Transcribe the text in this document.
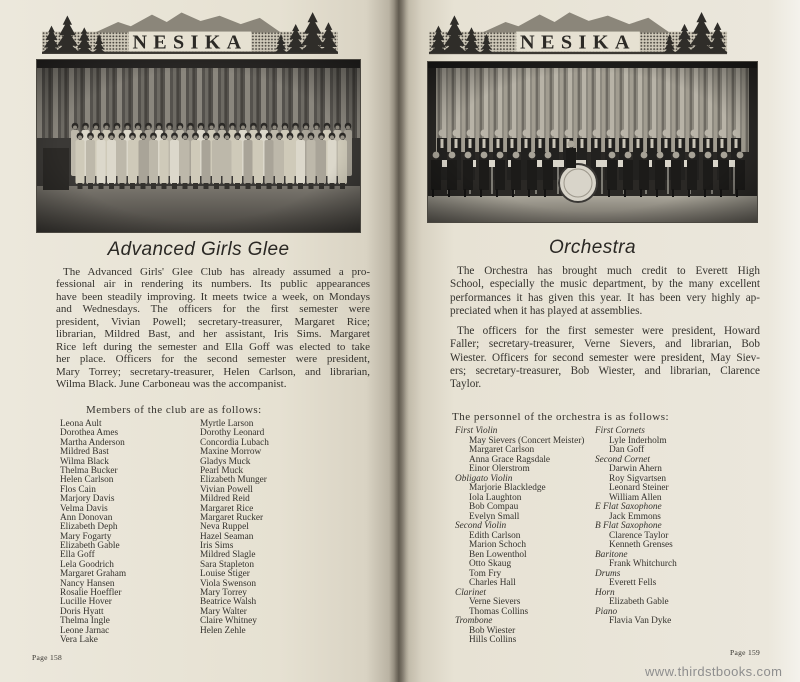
NESIKA
Advanced Girls Glee
The Advanced Girls' Glee Club has already assumed a pro-
fessional air in rendering its numbers. Its public appearances
have been steadily improving. It meets twice a week, on Mondays
and Wednesdays. The officers for the first semester were
president, Vivian Powell; secretary-treasurer, Margaret Rice;
librarian, Mildred Bast, and her assistant, Iris Sims. Margaret
Rice left during the semester and Ella Goff was elected to take
her place. Officers for the second semester were president,
Mary Torrey; secretary-treasurer, Helen Carlson, and librarian,
Wilma Black. June Carboneau was the accompanist.
Members of the club are as follows:
Leona Ault
Dorothea Ames
Martha Anderson
Mildred Bast
Wilma Black
Thelma Bucker
Helen Carlson
Flos Cain
Marjory Davis
Velma Davis
Ann Donovan
Elizabeth Deph
Mary Fogarty
Elizabeth Gable
Ella Goff
Lela Goodrich
Margaret Graham
Nancy Hansen
Rosalie Hoeffler
Lucille Hover
Doris Hyatt
Thelma Ingle
Leone Jarnac
Vera Lake
Myrtle Larson
Dorothy Leonard
Concordia Lubach
Maxine Morrow
Gladys Muck
Pearl Muck
Elizabeth Munger
Vivian Powell
Mildred Reid
Margaret Rice
Margaret Rucker
Neva Ruppel
Hazel Seaman
Iris Sims
Mildred Slagle
Sara Stapleton
Louise Stiger
Viola Swenson
Mary Torrey
Beatrice Walsh
Mary Walter
Claire Whitney
Helen Zehle
Page 158
NESIKA
Orchestra
The Orchestra has brought much credit to Everett High
School, especially the music department, by the many excellent
performances it has given this year. It has been very highly ap-
preciated when it has played at assemblies.
The officers for the first semester were president, Howard
Faller; secretary-treasurer, Verne Sievers, and librarian, Bob
Wiester. Officers for second semester were president, May Siev-
ers; secretary-treasurer, Bob Wiester, and librarian, Clarence
Taylor.
The personnel of the orchestra is as follows:
First Violin
May Sievers (Concert Meister)
Margaret Carlson
Anna Grace Ragsdale
Einor Olerstrom
Obligato Violin
Marjorie Blackledge
Iola Laughton
Bob Compau
Evelyn Small
Second Violin
Edith Carlson
Marion Schoch
Ben Lowenthol
Otto Skaug
Tom Fry
Charles Hall
Clarinet
Verne Sievers
Thomas Collins
Trombone
Bob Wiester
Hills Collins
First Cornets
Lyle Inderholm
Dan Goff
Second Cornet
Darwin Ahern
Roy Sigvartsen
Leonard Steiner
William Allen
E Flat Saxophone
Jack Emmons
B Flat Saxophone
Clarence Taylor
Kenneth Grenses
Baritone
Frank Whitchurch
Drums
Everett Fells
Horn
Elizabeth Gable
Piano
Flavia Van Dyke
Page 159
www.thirdstbooks.com
